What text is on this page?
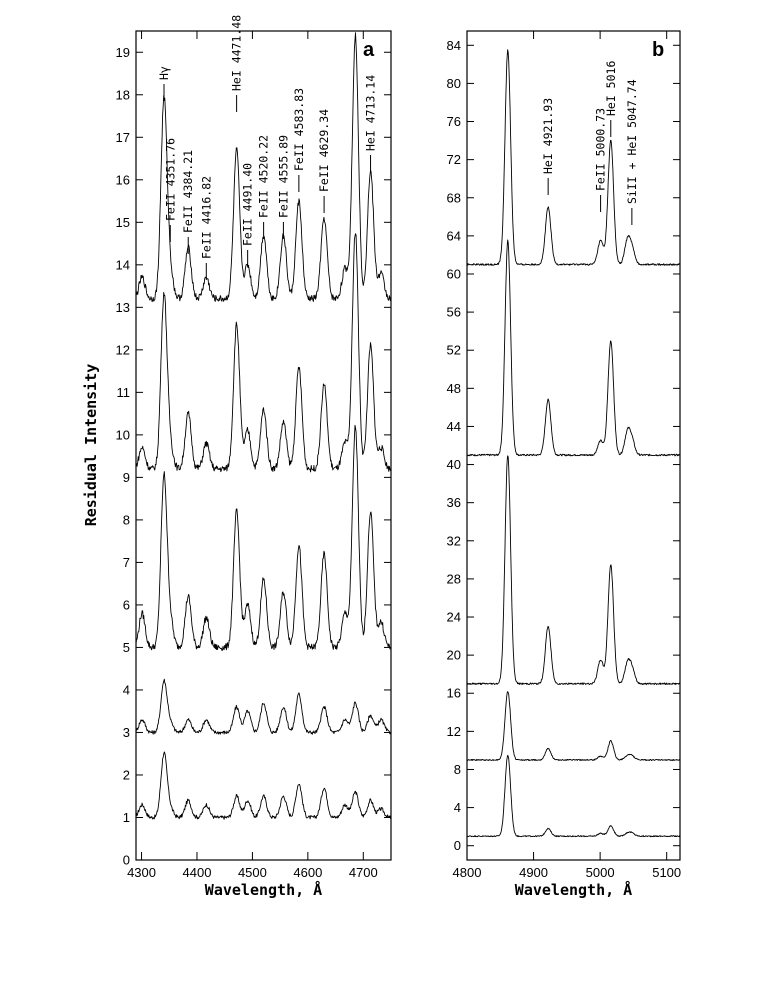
Residual Intensity
0
1
2
3
4
5
6
7
8
9
10
11
12
13
14
15
16
17
18
19
4300 4400 4500 4600 4700
Wavelength, Å
a
Hγ
FeII 4351.76 FeII 4384.21 FeII 4416.82
HeI 4471.48
FeII 4491.40 FeII 4520.22 FeII 4555.89
FeII 4583.83 FeII 4629.34	HeI 4713.14
0
4
8
12
16
20
24
28
32
36
40
44
48
52
56
60
64
68
72
76
80
84
4800	4900	5000	5100
Wavelength, Å
b
HeI 4921.93	FeII 5000.73
HeI 5016 SiII + HeI 5047.74
